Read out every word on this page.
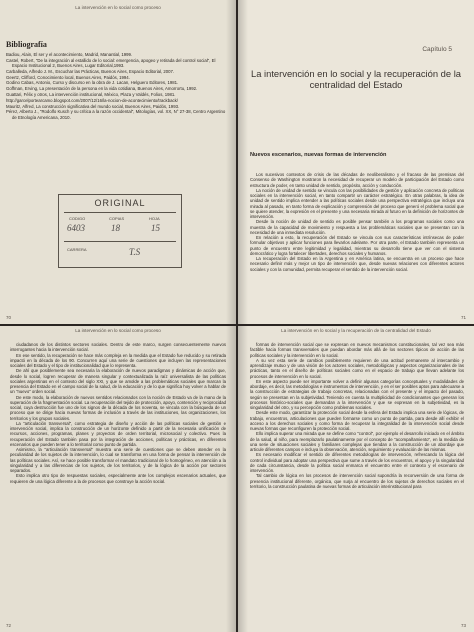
La intervención en lo social como proceso
Bibliografía

Badiou, Alain, El ser y el acontecimiento, Madrid, Manantial, 1999.

Castel, Robert, "De la integración al estallido de lo social: emergencia, apogeo y retirada del control social", El Espacio Institucional 2, Buenos Aires, Lugar Editorial,1993.

Carballeda, Alfredo J. M., Escuchar las Prácticas, Buenos Aires, Espacio Editorial, 2007.

Geertz, Clifford, Conocimiento local, Buenos Aires, Paidós, 1994.

Godino Cabas, Antonio, Curso y discurso en la obra de J. Lacan, Helguero Editores, 1981.

Goffman, Erving, La presentación de la persona en la vida cotidiana, Buenos Aires, Amorrortu, 1992.

Guattari, Félix y otros, La intervención institucional, México, Plaza y Valdés, Folios, 1981.

http://garcelportearcamo.blogspot.com/2007/12/16/la-nocion-de-acontecimiento/trackback/

Mauritz, Alfred, La construcción significativa del mundo social, Buenos Aires, Paidós, 1993.

Pérez, Alberto J., "Rodolfo Kusch y su crítica a la razón occidental", Mitologías, vol. XX, N° 27-38, Centro Argentino de Etnología Americana, 2010.

ORIGINAL
CODIGO	COPIAS	HOJA
6403	18	15
CARRERA	T.S
70
Capítulo 5
La intervención en lo social y la recuperación de la centralidad del Estado
Nuevos escenarios, nuevas formas de intervención

Los sucesivos contextos de crisis de las décadas de neoliberalismo y el fracaso de las premisas del Consenso de Washington mostraron la necesidad de recuperar un modelo de participación del Estado como estructura de poder, en tanto unidad de sentido, propósito, acción y conducción.

La noción de unidad de sentido se vincula con las posibilidades de gestión y aplicación concreta de políticas sociales en la intervención social, en tanto compartir un carácter estratégico. En otras palabras, la idea de unidad de sentido implica entender a las políticas sociales desde una perspectiva estratégica que incluya una mirada al pasado, en tanto forma de explicación y comprensión del proceso que generó el problema social que se quiere atender, la expresión en el presente y una necesaria mirada al futuro en la definición de horizontes de intervención.

Desde la noción de unidad de sentido es posible pensar también a los programas sociales como una muestra de la capacidad de movimiento y respuesta a las problemáticas sociales que se presentan con la necesidad de una inmediata resolución.

En relación a esto, la recuperación del Estado se vincula con sus características intrínsecas de poder formular objetivos y aplicar funciones para llevarlos adelante. Por otra parte, el Estado también representa un punto de encuentro entre legitimidad y legalidad, mientras su desarrollo tiene que ver con el sistema democrático y logra fortalecer libertades, derechos sociales y humanos.

La recuperación del Estado en la Argentina y en América latina, se encuentra en un proceso que hace necesario definir más y mejor un tipo de intervención que, desde nuevas relaciones con diferentes actores sociales y con la comunidad, permita recuperar el sentido de la intervención social.

71
La intervención en lo social como proceso

ciudadanos de los distintos sectores sociales. Dentro de este marco, surgen consecuentemente nuevos interrogantes hacia la intervención social.

En ese sentido, la recuperación se hace más compleja en la medida que el Estado fue reducido y su retirada impactó en la década de los 90. Concurren aquí una serie de cuestiones que incluyen las representaciones sociales del Estado y el tipo de institucionalidad que lo representa.

De ahí que posiblemente sea necesaria la elaboración de nuevos paradigmas y dinámicas de acción que, desde lo social, logren recuperar de manera singular y contextualizada la raíz universalista de las políticas sociales argentinas en el contexto del siglo XXI, y que se amolde a las problemáticas sociales que marcan la presencia del Estado en el campo social de la salud, de la educación y de lo que significa hoy volver a hablar de un "nuevo" orden social.

De este modo, la elaboración de nuevos sentidos relacionados con la noción de Estado va de la mano de la superación de la fragmentación social. La recuperación del tejido de protección, apoyo, contención y reciprocidad social, cuya destrucción fue uno de los signos de la década de los noventa, se vincula con la búsqueda de un proceso que se dirige hacia nuevas formas de inclusión a través de las instituciones, las organizaciones, los territorios y los grupos sociales.

La "articulación transversal", como estrategia de diseño y acción de las políticas sociales de gestión e intervención social, implica la construcción de un horizonte definido a partir de la necesaria unificación de recursos, acciones, programas, planes y proyectos de orden territorial, microsocial y colectivo. Pues la recuperación del Estado también pasa por la integración de acciones, políticas y prácticas, en diferentes escenarios que pueden tener a lo territorial como punto de partida.

Asimismo, la "articulación transversal" muestra una serie de cuestiones que se deben atender en la peculiaridad de los sujetos de la intervención, lo cual se transforma en una forma de pensar la intervención de las políticas sociales. Así, se hace posible transformar el mandato tradicional de lo homogéneo, en atención a la singularidad y a las diferencias de los sujetos, de los territorios, y de la lógica de la acción por sectores separados.

Esto implica otro tipo de respuestas sociales, especialmente ante los complejos escenarios actuales, que requieren de una lógica diferente a la de procesos que construye la acción social.

72
La intervención en lo social y la recuperación de la centralidad del Estado

formas de intervención social que se expresan en nuevos mecanismos constitucionales, tal vez sea más factible hacia formas transversales que puedan abordar más allá de los sectores típicos de acción de las políticas sociales y la intervención en lo social.

A su vez esta serie de cambios posiblemente requieren de una actitud permanente al intercambio y aprendizaje mutuo y de una visión de los actores sociales, metodológicas y aspectos organizacionales de las prácticas, tanto en el diseño de políticas sociales como en el espacio de trabajo que llevan adelante los procesos de intervención en lo social.

En este aspecto puede ser importante volver a definir algunas categorías conceptuales y modalidades de abordaje, es decir, las metodologías e instrumentos de intervención, y en el ser posibles aptos para adecuarse a la construcción de estrategias de trabajo concretas, relacionadas con el presente y el impacto del pasado, según se presentan en la subjetividad. Teniendo en cuenta la multiplicidad de condicionantes que generan los procesos histórico-sociales que demandan a la intervención y que se expresan en la subjetividad, es la singularidad del otro, y su percepción como problemas sociales.

Desde este modo, garantizar la protección social desde la esfera del Estado implica una serie de lógicas, de trabajo, encuentros, articulaciones que pueden formarse como un punto de partida, para desde allí exhibir el acceso a los derechos sociales y como forma de recuperar la integralidad de la intervención social desde nuevas formas que reconfiguren la protección social.

Ello implica superar una mirada que se define como "control", por ejemplo el desarrollo iniciado en el ámbito de la salud, al niño, para reemplazarlo paulatinamente por el concepto de "acompañamiento", en la medida de una serie de situaciones sociales y familiares complejas que tiendan a la construcción de un abordaje que articule diferentes campos e incluya la observación, atención, seguimiento y evaluación de las mismas.

Es necesario modificar el sentido de diferentes metodologías de intervención, refrescando la lógica del control individual para adoptar una perspectiva que sume a través de los encuentros, el apoyo y la singularidad de cada circunstancia, desde la política social enmarca el encuentro entre el contexto y el escenario de intervención.

Tal cambio de lógica en los procesos de intervención social supondría la reconversión de una forma de presencia institucional diferente, orgánica, que surja al encuentro de los sujetos de derechos sociales en el territorio, la construcción paulatina de nuevas formas de articulación interinstitucional para

73
